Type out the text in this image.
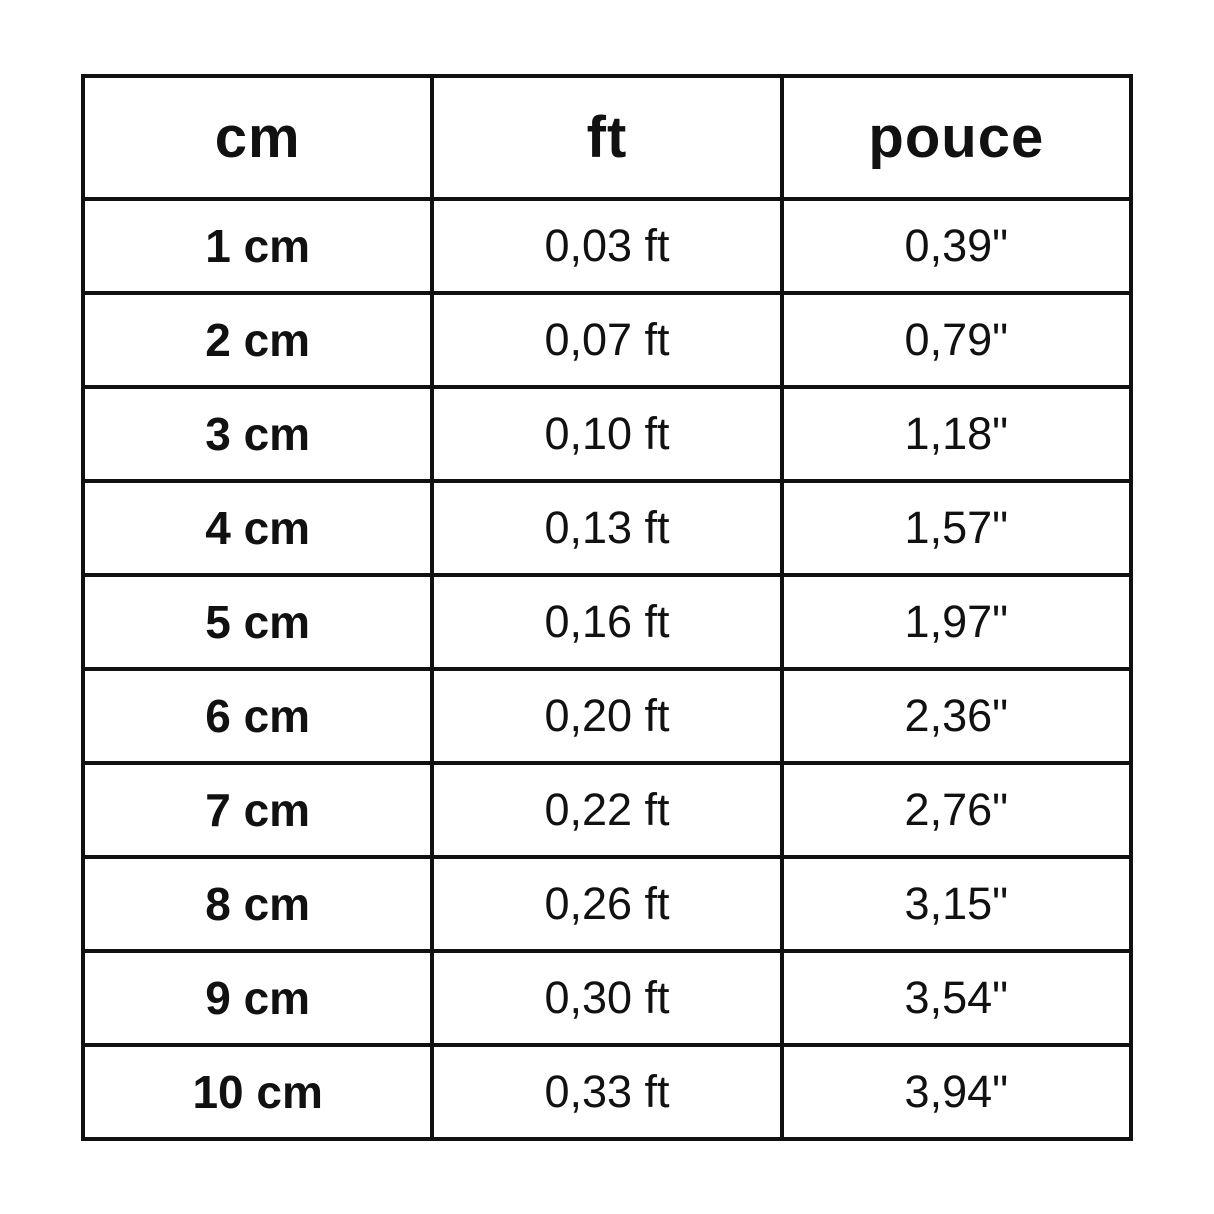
cm	ft	pouce
1 cm	0,03 ft	0,39"
2 cm	0,07 ft	0,79"
3 cm	0,10 ft	1,18"
4 cm	0,13 ft	1,57"
5 cm	0,16 ft	1,97"
6 cm	0,20 ft	2,36"
7 cm	0,22 ft	2,76"
8 cm	0,26 ft	3,15"
9 cm	0,30 ft	3,54"
10 cm	0,33 ft	3,94"
